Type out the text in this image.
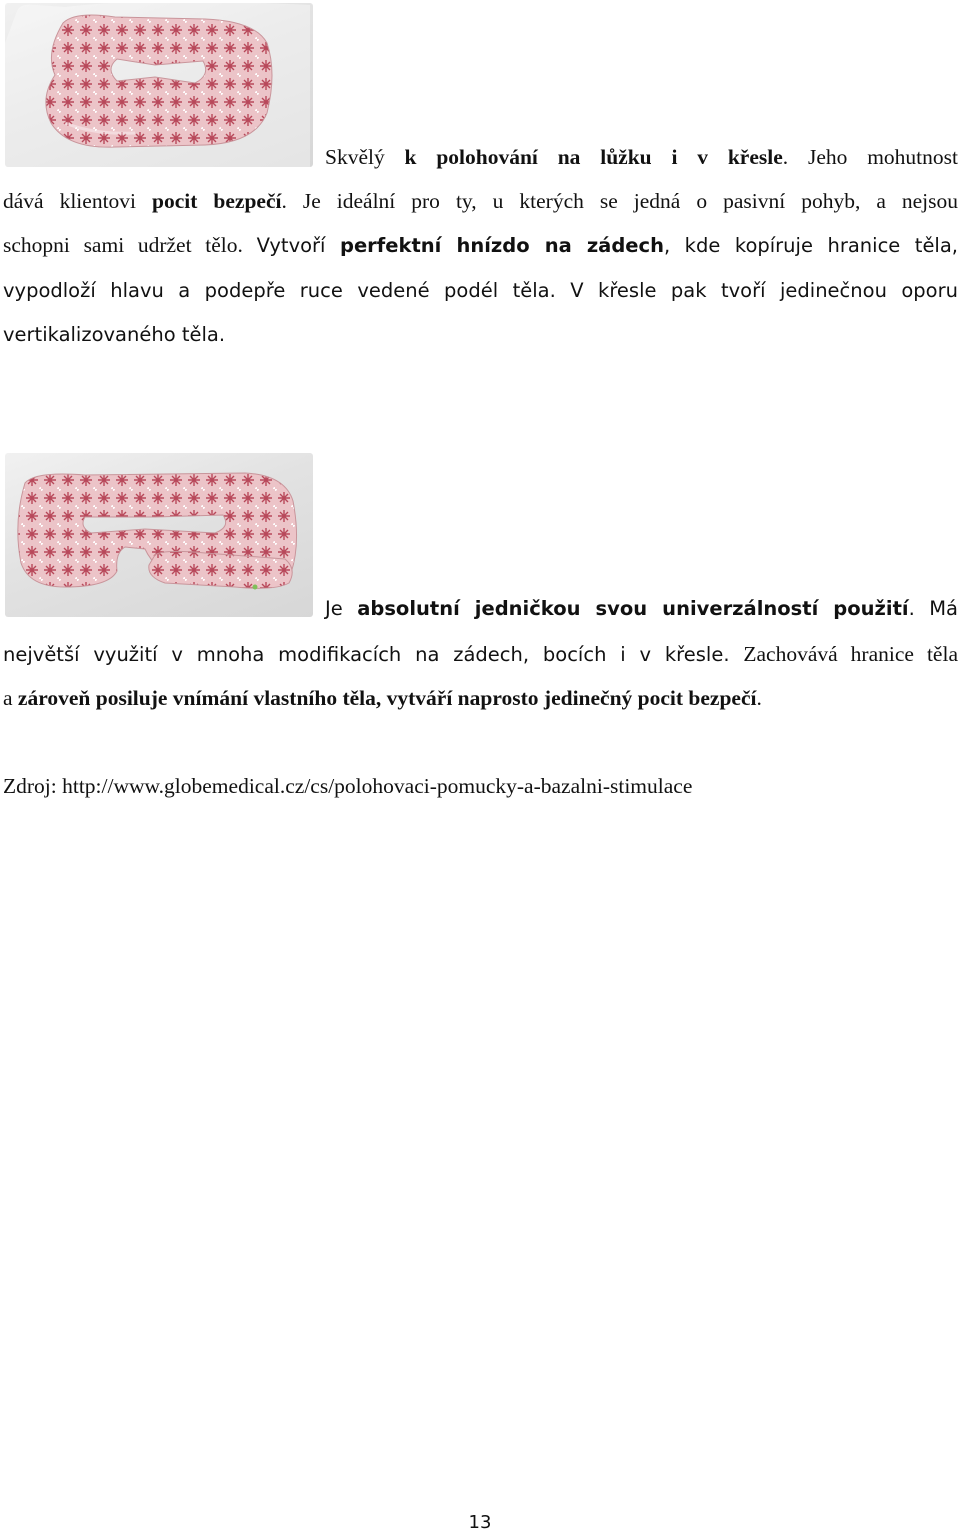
Skvělý k polohování na lůžku i v křesle. Jeho mohutnost
dává klientovi pocit bezpečí. Je ideální pro ty, u kterých se jedná o pasivní pohyb, a nejsou
schopni sami udržet tělo. Vytvoří perfektní hnízdo na zádech, kde kopíruje hranice těla,
vypodloží hlavu a podepře ruce vedené podél těla. V křesle pak tvoří jedinečnou oporu
vertikalizovaného těla.
Je absolutní jedničkou svou univerzálností použití. Má
největší využití v mnoha modifikacích na zádech, bocích i v křesle. Zachovává hranice těla
a zároveň posiluje vnímání vlastního těla, vytváří naprosto jedinečný pocit bezpečí.
Zdroj: http://www.globemedical.cz/cs/polohovaci-pomucky-a-bazalni-stimulace
13
